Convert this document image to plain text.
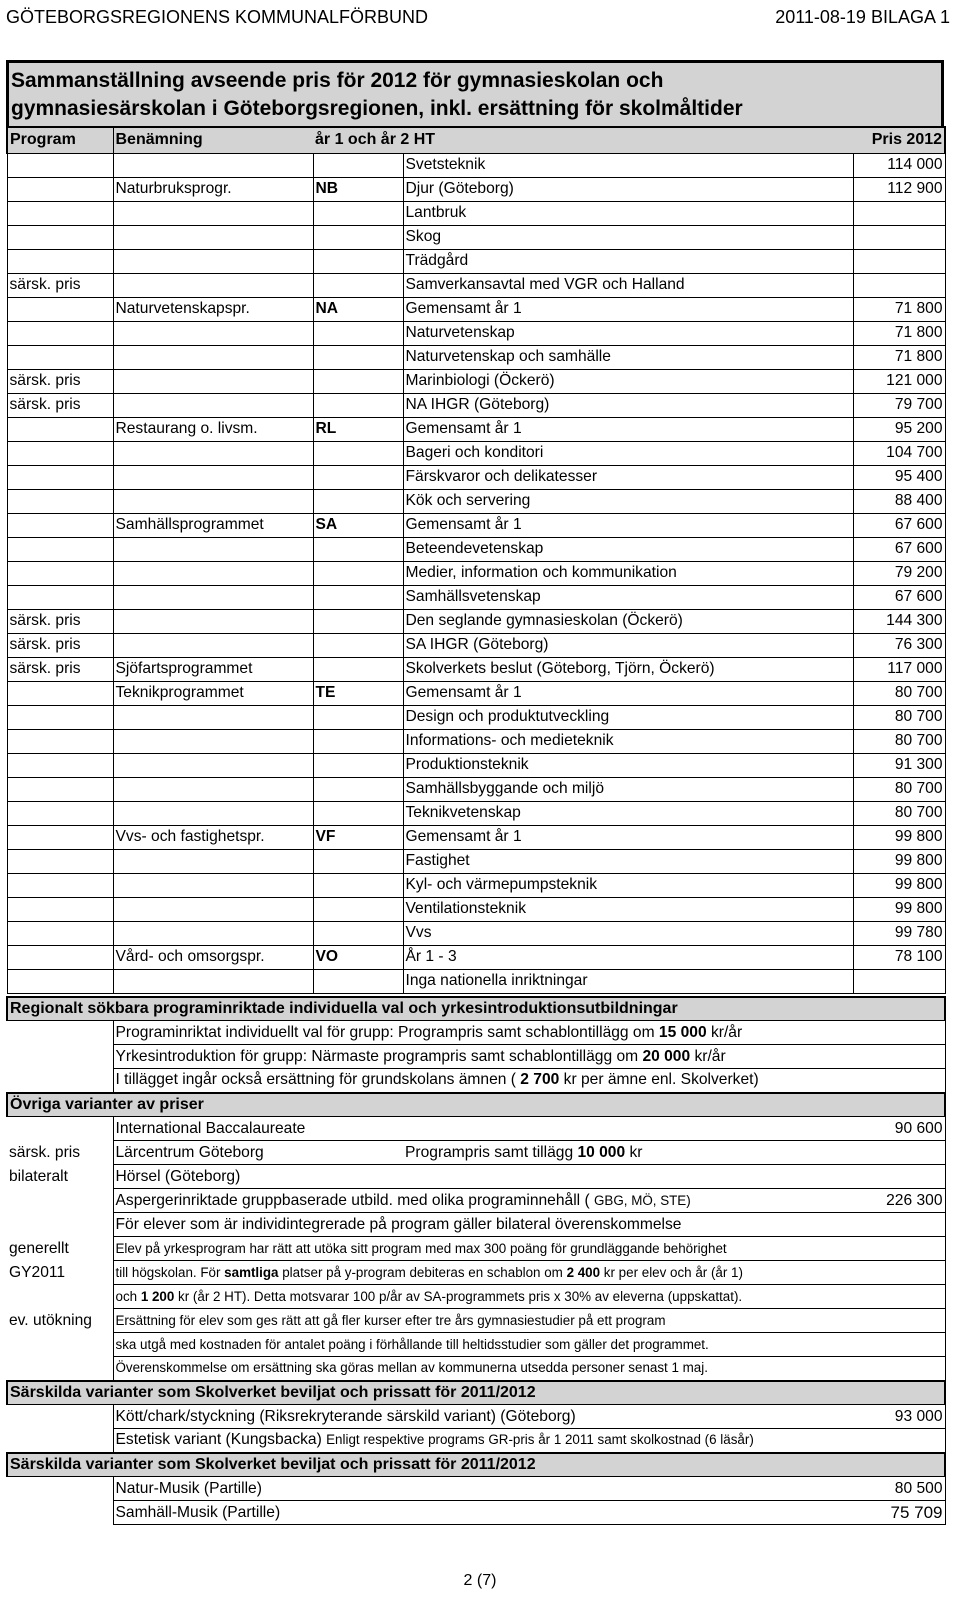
GÖTEBORGSREGIONENS KOMMUNALFÖRBUND	2011-08-19 BILAGA 1
Sammanställning avseende pris för 2012 för gymnasieskolan och
gymnasiesärskolan i Göteborgsregionen, inkl. ersättning för skolmåltider
Program	Benämning	år 1 och år 2 HT		Pris 2012
			Svetsteknik	114 000
	Naturbruksprogr.	NB	Djur (Göteborg)	112 900
			Lantbruk	
			Skog	
			Trädgård	
särsk. pris			Samverkansavtal med VGR och Halland	
	Naturvetenskapspr.	NA	Gemensamt år 1	71 800
			Naturvetenskap	71 800
			Naturvetenskap och samhälle	71 800
särsk. pris			Marinbiologi (Öckerö)	121 000
särsk. pris			NA IHGR (Göteborg)	79 700
	Restaurang o. livsm.	RL	Gemensamt år 1	95 200
			Bageri och konditori	104 700
			Färskvaror och delikatesser	95 400
			Kök och servering	88 400
	Samhällsprogrammet	SA	Gemensamt år 1	67 600
			Beteendevetenskap	67 600
			Medier, information och kommunikation	79 200
			Samhällsvetenskap	67 600
särsk. pris			Den seglande gymnasieskolan (Öckerö)	144 300
särsk. pris			SA IHGR (Göteborg)	76 300
särsk. pris	Sjöfartsprogrammet		Skolverkets beslut (Göteborg, Tjörn, Öckerö)	117 000
	Teknikprogrammet	TE	Gemensamt år 1	80 700
			Design och produktutveckling	80 700
			Informations- och medieteknik	80 700
			Produktionsteknik	91 300
			Samhällsbyggande och miljö	80 700
			Teknikvetenskap	80 700
	Vvs- och fastighetspr.	VF	Gemensamt år 1	99 800
			Fastighet	99 800
			Kyl- och värmepumpsteknik	99 800
			Ventilationsteknik	99 800
			Vvs	99 780
	Vård- och omsorgspr.	VO	År 1 - 3	78 100
			Inga nationella inriktningar	
Regionalt sökbara programinriktade individuella val och yrkesintroduktionsutbildningar			
	Programinriktat individuellt val för grupp: Programpris samt schablontillägg om 15 000 kr/år		
	Yrkesintroduktion för grupp: Närmaste programpris samt schablontillägg om 20 000 kr/år		
	I tillägget ingår också ersättning för grundskolans ämnen ( 2 700 kr per ämne enl. Skolverket)		
Övriga varianter av priser			
	International Baccalaureate		90 600
särsk. pris	Lärcentrum Göteborg	Programpris samt tillägg 10 000 kr	
bilateralt	Hörsel (Göteborg)		
	Aspergerinriktade gruppbaserade utbild. med olika programinnehåll ( GBG, MÖ, STE)		226 300
	För elever som är individintegrerade på program gäller bilateral överenskommelse		
generellt	Elev på yrkesprogram har rätt att utöka sitt program med max 300 poäng för grundläggande behörighet		
GY2011	till högskolan. För samtliga platser på y-program debiteras en schablon om 2 400 kr per elev och år (år 1)		
	och 1 200 kr (år 2 HT). Detta motsvarar 100 p/år av SA-programmets pris x 30% av eleverna (uppskattat).		
ev. utökning	Ersättning för elev som ges rätt att gå fler kurser efter tre års gymnasiestudier på ett program		
	ska utgå med kostnaden för antalet poäng i förhållande till heltidsstudier som gäller det programmet.		
	Överenskommelse om ersättning ska göras mellan av kommunerna utsedda personer senast 1 maj.		
Särskilda varianter som Skolverket beviljat och prissatt för 2011/2012			
	Kött/chark/styckning (Riksrekryterande särskild variant) (Göteborg)		93 000
	Estetisk variant (Kungsbacka) Enligt respektive programs GR-pris år 1 2011 samt skolkostnad (6 läsår)		
Särskilda varianter som Skolverket beviljat och prissatt för 2011/2012			
	Natur-Musik (Partille)		80 500
	Samhäll-Musik (Partille)		75 709
2 (7)
